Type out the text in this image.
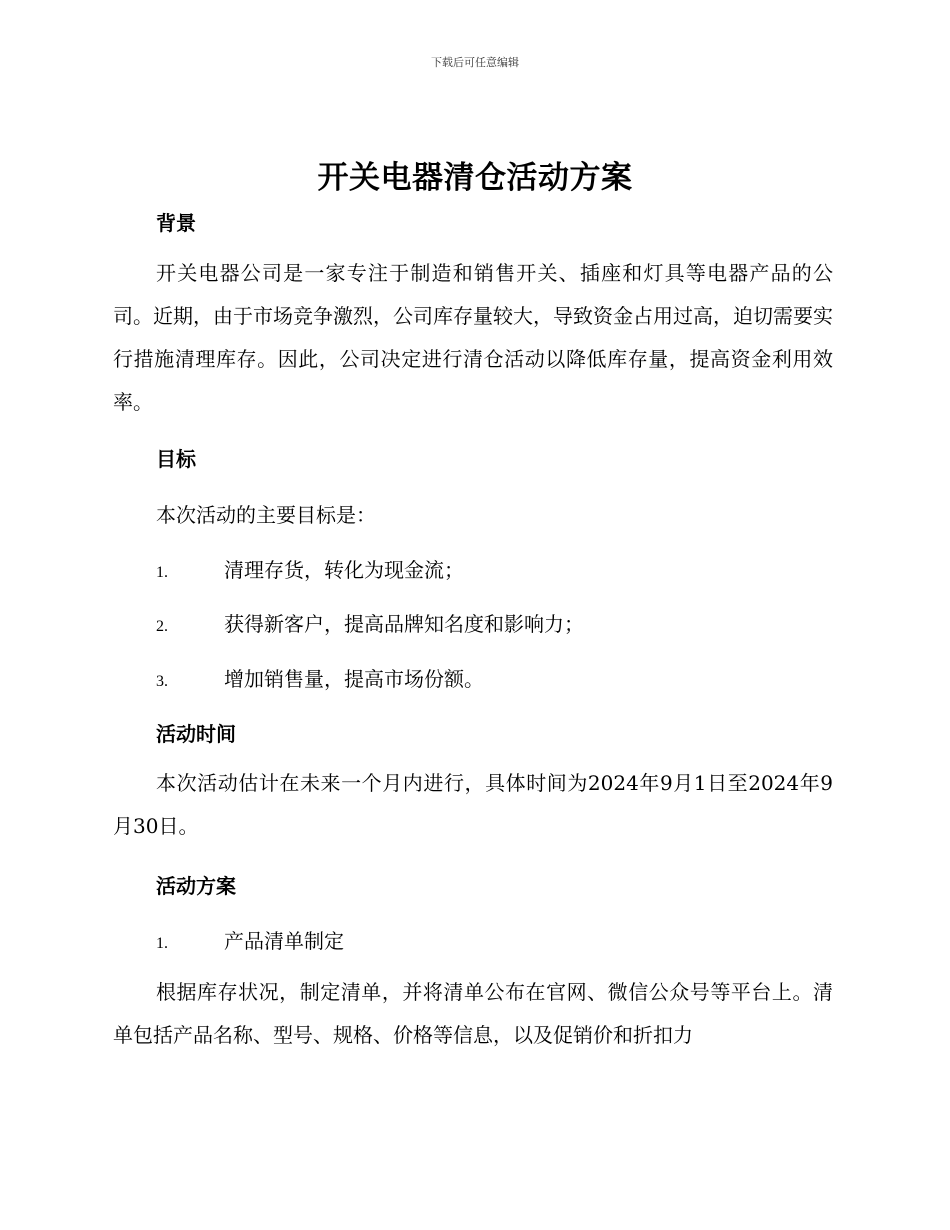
下载后可任意编辑
开关电器清仓活动方案
背景
开关电器公司是一家专注于制造和销售开关、插座和灯具等电器产品的公司。近期，由于市场竞争激烈，公司库存量较大，导致资金占用过高，迫切需要实行措施清理库存。因此，公司决定进行清仓活动以降低库存量，提高资金利用效率。
目标
本次活动的主要目标是：
1.	清理存货，转化为现金流；
2.	获得新客户，提高品牌知名度和影响力；
3.	增加销售量，提高市场份额。
活动时间
本次活动估计在未来一个月内进行，具体时间为2024年9月1日至2024年9月30日。
活动方案
1.	产品清单制定
根据库存状况，制定清单，并将清单公布在官网、微信公众号等平台上。清单包括产品名称、型号、规格、价格等信息，以及促销价和折扣力
